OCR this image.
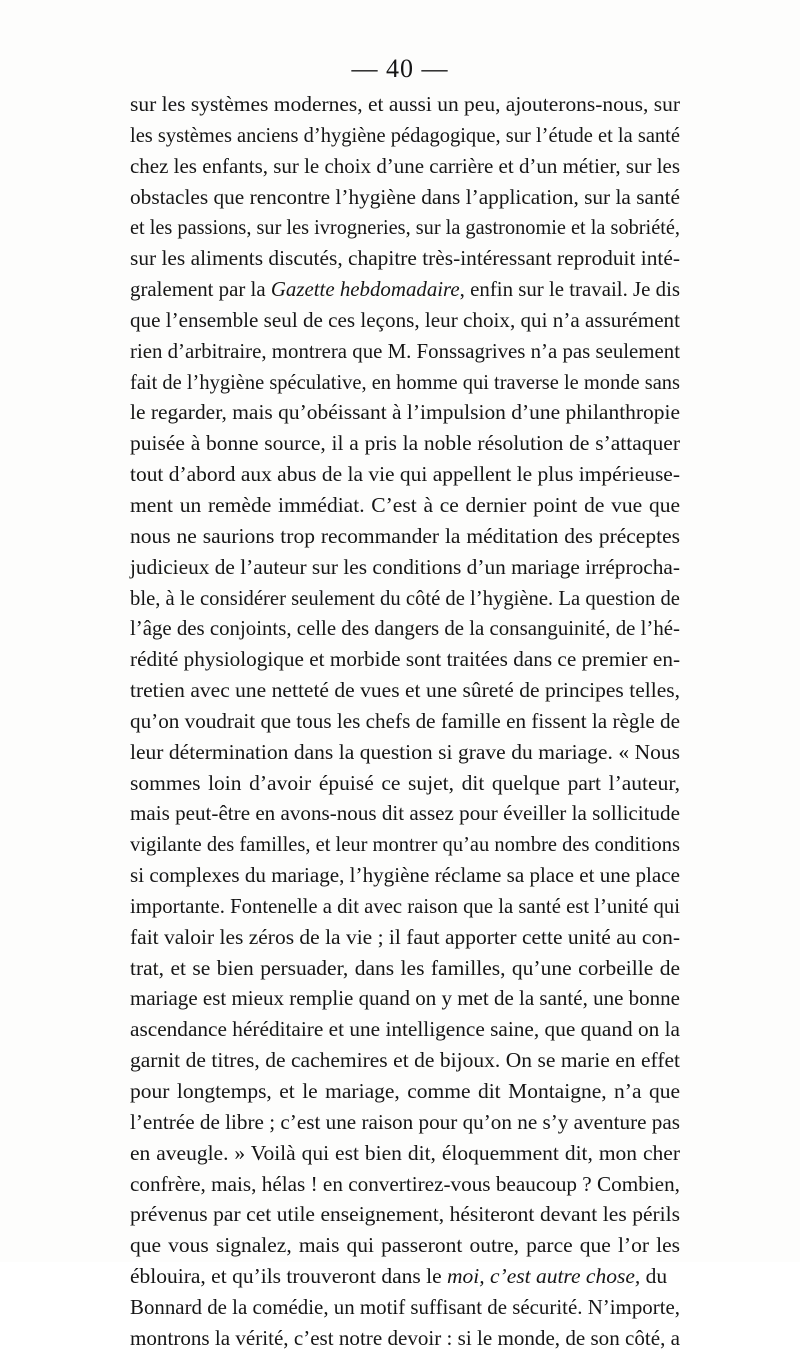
— 40 —
sur les systèmes modernes, et aussi un peu, ajouterons-nous, sur
les systèmes anciens d’hygiène pédagogique, sur l’étude et la santé
chez les enfants, sur le choix d’une carrière et d’un métier, sur les
obstacles que rencontre l’hygiène dans l’application, sur la santé
et les passions, sur les ivrogneries, sur la gastronomie et la sobriété,
sur les aliments discutés, chapitre très-intéressant reproduit inté-
gralement par la Gazette hebdomadaire, enfin sur le travail. Je dis
que l’ensemble seul de ces leçons, leur choix, qui n’a assurément
rien d’arbitraire, montrera que M. Fonssagrives n’a pas seulement
fait de l’hygiène spéculative, en homme qui traverse le monde sans
le regarder, mais qu’obéissant à l’impulsion d’une philanthropie
puisée à bonne source, il a pris la noble résolution de s’attaquer
tout d’abord aux abus de la vie qui appellent le plus impérieuse-
ment un remède immédiat. C’est à ce dernier point de vue que
nous ne saurions trop recommander la méditation des préceptes
judicieux de l’auteur sur les conditions d’un mariage irréprocha-
ble, à le considérer seulement du côté de l’hygiène. La question de
l’âge des conjoints, celle des dangers de la consanguinité, de l’hé-
rédité physiologique et morbide sont traitées dans ce premier en-
tretien avec une netteté de vues et une sûreté de principes telles,
qu’on voudrait que tous les chefs de famille en fissent la règle de
leur détermination dans la question si grave du mariage. « Nous
sommes loin d’avoir épuisé ce sujet, dit quelque part l’auteur,
mais peut-être en avons-nous dit assez pour éveiller la sollicitude
vigilante des familles, et leur montrer qu’au nombre des conditions
si complexes du mariage, l’hygiène réclame sa place et une place
importante. Fontenelle a dit avec raison que la santé est l’unité qui
fait valoir les zéros de la vie ; il faut apporter cette unité au con-
trat, et se bien persuader, dans les familles, qu’une corbeille de
mariage est mieux remplie quand on y met de la santé, une bonne
ascendance héréditaire et une intelligence saine, que quand on la
garnit de titres, de cachemires et de bijoux. On se marie en effet
pour longtemps, et le mariage, comme dit Montaigne, n’a que
l’entrée de libre ; c’est une raison pour qu’on ne s’y aventure pas
en aveugle. » Voilà qui est bien dit, éloquemment dit, mon cher
confrère, mais, hélas ! en convertirez-vous beaucoup ? Combien,
prévenus par cet utile enseignement, hésiteront devant les périls
que vous signalez, mais qui passeront outre, parce que l’or les
éblouira, et qu’ils trouveront dans le moi, c’est autre chose, du
Bonnard de la comédie, un motif suffisant de sécurité. N’importe,
montrons la vérité, c’est notre devoir : si le monde, de son côté, a
